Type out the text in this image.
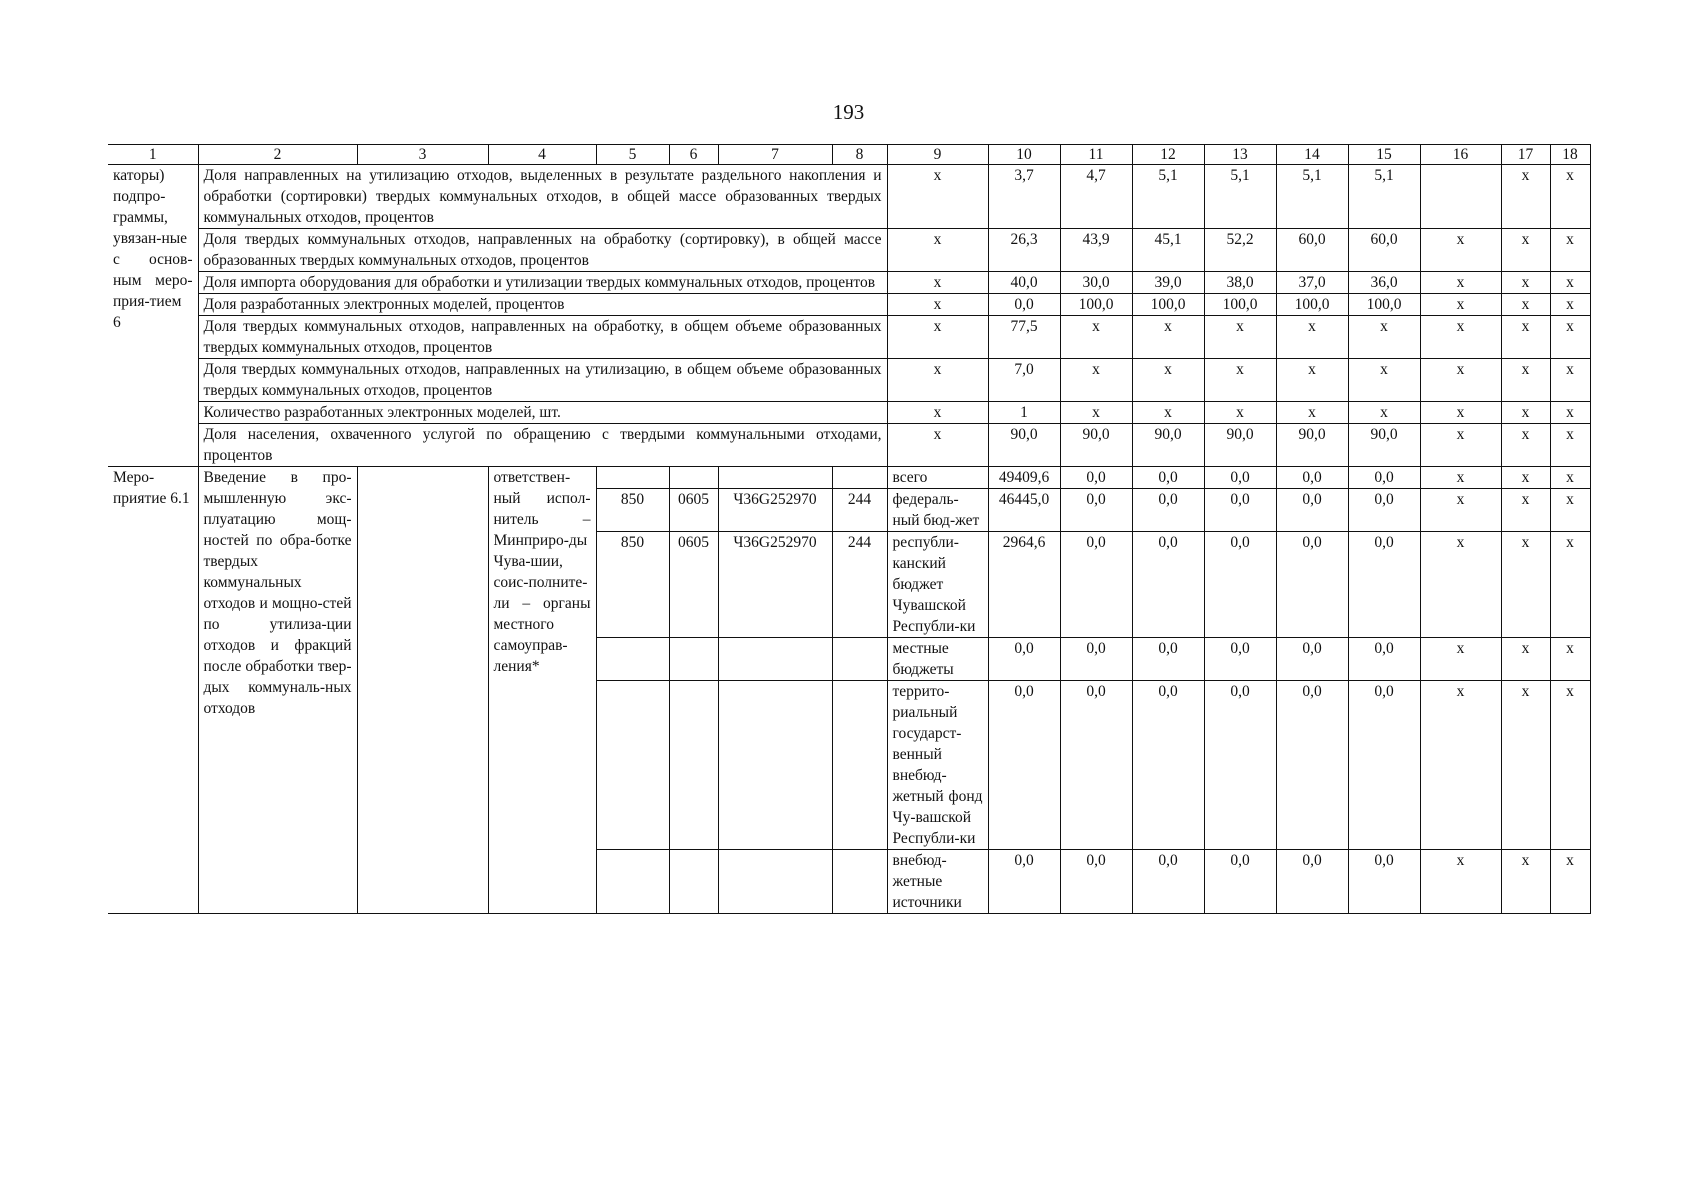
193
1	2	3	4	5	6	7	8	9	10	11	12	13	14	15	16	17	18
каторы) подпро-граммы, увязан-ные с основ-ным меро-прия-тием 6	Доля направленных на утилизацию отходов, выделенных в результате раздельного накопления и обработки (сортировки) твердых коммунальных отходов, в общей массе образованных твердых коммунальных отходов, процентов							х	3,7	4,7	5,1	5,1	5,1	5,1		х	х
	Доля твердых коммунальных отходов, направленных на обработку (сортировку), в общей массе образованных твердых коммунальных отходов, процентов							х	26,3	43,9	45,1	52,2	60,0	60,0	х	х	х
	Доля импорта оборудования для обработки и утилизации твердых коммунальных отходов, процентов							х	40,0	30,0	39,0	38,0	37,0	36,0	х	х	х
	Доля разработанных электронных моделей, процентов							х	0,0	100,0	100,0	100,0	100,0	100,0	х	х	х
	Доля твердых коммунальных отходов, направленных на обработку, в общем объеме образованных твердых коммунальных отходов, процентов							х	77,5	х	х	х	х	х	х	х	х
	Доля твердых коммунальных отходов, направленных на утилизацию, в общем объеме образованных твердых коммунальных отходов, процентов							х	7,0	х	х	х	х	х	х	х	х
	Количество разработанных электронных моделей, шт.							х	1	х	х	х	х	х	х	х	х
	Доля населения, охваченного услугой по обращению с твердыми коммунальными отходами, процентов							х	90,0	90,0	90,0	90,0	90,0	90,0	х	х	х
Меро-приятие 6.1	Введение в про-мышленную экс-плуатацию мощ-ностей по обра-ботке твердых коммунальных отходов и мощно-стей по утилиза-ции отходов и фракций после обработки твер-дых коммуналь-ных отходов		ответствен-ный испол-нитель – Минприро-ды Чува-шии, соис-полните-ли – органы местного самоуправ-ления*					всего	49409,6	0,0	0,0	0,0	0,0	0,0	х	х	х
				850	0605	Ч36G252970	244	федераль-ный бюд-жет	46445,0	0,0	0,0	0,0	0,0	0,0	х	х	х
				850	0605	Ч36G252970	244	республи-канский бюджет Чувашской Республи-ки	2964,6	0,0	0,0	0,0	0,0	0,0	х	х	х
								местные бюджеты	0,0	0,0	0,0	0,0	0,0	0,0	х	х	х
								террито-риальный государст-венный внебюд-жетный фонд Чу-вашской Республи-ки	0,0	0,0	0,0	0,0	0,0	0,0	х	х	х
								внебюд-жетные источники	0,0	0,0	0,0	0,0	0,0	0,0	х	х	х
